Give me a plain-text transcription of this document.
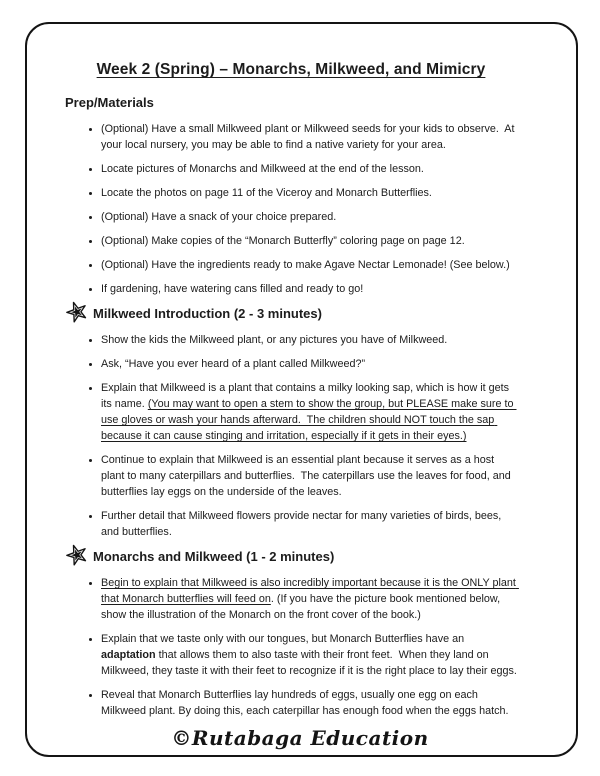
Week 2 (Spring) – Monarchs, Milkweed, and Mimicry
Prep/Materials
• (Optional) Have a small Milkweed plant or Milkweed seeds for your kids to observe.  At your local nursery, you may be able to find a native variety for your area.
• Locate pictures of Monarchs and Milkweed at the end of the lesson.
• Locate the photos on page 11 of the Viceroy and Monarch Butterflies.
• (Optional) Have a snack of your choice prepared.
• (Optional) Make copies of the “Monarch Butterfly” coloring page on page 12.
• (Optional) Have the ingredients ready to make Agave Nectar Lemonade! (See below.)
• If gardening, have watering cans filled and ready to go!
Milkweed Introduction (2 - 3 minutes)
• Show the kids the Milkweed plant, or any pictures you have of Milkweed.
• Ask, “Have you ever heard of a plant called Milkweed?”
• Explain that Milkweed is a plant that contains a milky looking sap, which is how it gets its name. (You may want to open a stem to show the group, but PLEASE make sure to use gloves or wash your hands afterward.  The children should NOT touch the sap because it can cause stinging and irritation, especially if it gets in their eyes.)
• Continue to explain that Milkweed is an essential plant because it serves as a host plant to many caterpillars and butterflies.  The caterpillars use the leaves for food, and butterflies lay eggs on the underside of the leaves.
• Further detail that Milkweed flowers provide nectar for many varieties of birds, bees, and butterflies.
Monarchs and Milkweed (1 - 2 minutes)
• Begin to explain that Milkweed is also incredibly important because it is the ONLY plant that Monarch butterflies will feed on. (If you have the picture book mentioned below, show the illustration of the Monarch on the front cover of the book.)
• Explain that we taste only with our tongues, but Monarch Butterflies have an adaptation that allows them to also taste with their front feet.  When they land on Milkweed, they taste it with their feet to recognize if it is the right place to lay their eggs.
• Reveal that Monarch Butterflies lay hundreds of eggs, usually one egg on each Milkweed plant. By doing this, each caterpillar has enough food when the eggs hatch.
©Rutabaga Education
